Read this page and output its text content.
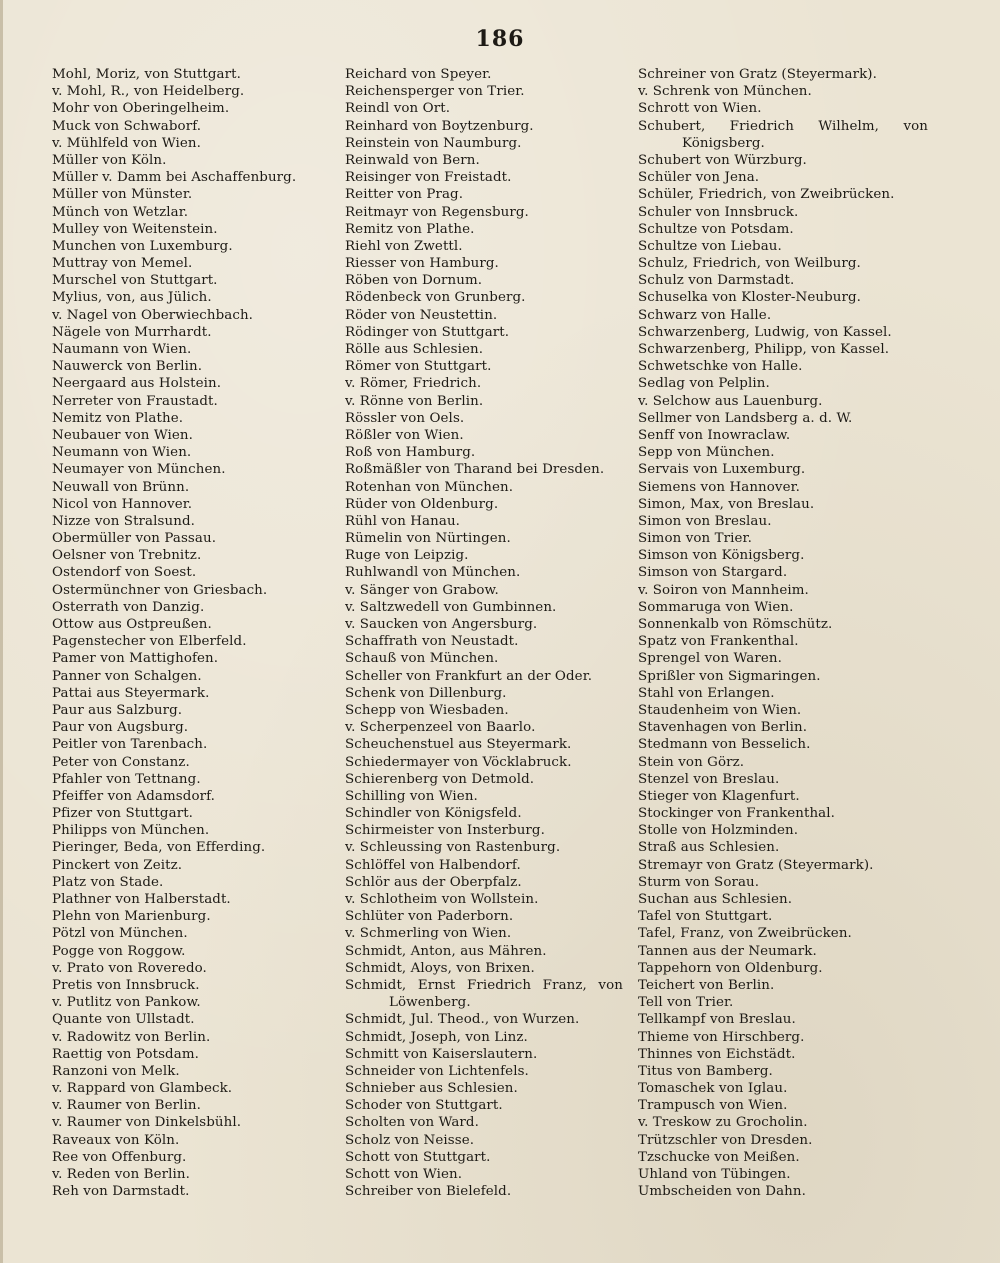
186
Mohl, Moriz, von Stuttgart.
v. Mohl, R., von Heidelberg.
Mohr von Oberingelheim.
Muck von Schwaborf.
v. Mühlfeld von Wien.
Müller von Köln.
Müller v. Damm bei Aschaffenburg.
Müller von Münster.
Münch von Wetzlar.
Mulley von Weitenstein.
Munchen von Luxemburg.
Muttray von Memel.
Murschel von Stuttgart.
Mylius, von, aus Jülich.
v. Nagel von Oberwiechbach.
Nägele von Murrhardt.
Naumann von Wien.
Nauwerck von Berlin.
Neergaard aus Holstein.
Nerreter von Fraustadt.
Nemitz von Plathe.
Neubauer von Wien.
Neumann von Wien.
Neumayer von München.
Neuwall von Brünn.
Nicol von Hannover.
Nizze von Stralsund.
Obermüller von Passau.
Oelsner von Trebnitz.
Ostendorf von Soest.
Ostermünchner von Griesbach.
Osterrath von Danzig.
Ottow aus Ostpreußen.
Pagenstecher von Elberfeld.
Pamer von Mattighofen.
Panner von Schalgen.
Pattai aus Steyermark.
Paur aus Salzburg.
Paur von Augsburg.
Peitler von Tarenbach.
Peter von Constanz.
Pfahler von Tettnang.
Pfeiffer von Adamsdorf.
Pfizer von Stuttgart.
Philipps von München.
Pieringer, Beda, von Efferding.
Pinckert von Zeitz.
Platz von Stade.
Plathner von Halberstadt.
Plehn von Marienburg.
Pötzl von München.
Pogge von Roggow.
v. Prato von Roveredo.
Pretis von Innsbruck.
v. Putlitz von Pankow.
Quante von Ullstadt.
v. Radowitz von Berlin.
Raettig von Potsdam.
Ranzoni von Melk.
v. Rappard von Glambeck.
v. Raumer von Berlin.
v. Raumer von Dinkelsbühl.
Raveaux von Köln.
Ree von Offenburg.
v. Reden von Berlin.
Reh von Darmstadt.
Reichard von Speyer.
Reichensperger von Trier.
Reindl von Ort.
Reinhard von Boytzenburg.
Reinstein von Naumburg.
Reinwald von Bern.
Reisinger von Freistadt.
Reitter von Prag.
Reitmayr von Regensburg.
Remitz von Plathe.
Riehl von Zwettl.
Riesser von Hamburg.
Röben von Dornum.
Rödenbeck von Grunberg.
Röder von Neustettin.
Rödinger von Stuttgart.
Rölle aus Schlesien.
Römer von Stuttgart.
v. Römer, Friedrich.
v. Rönne von Berlin.
Rössler von Oels.
Rößler von Wien.
Roß von Hamburg.
Roßmäßler von Tharand bei Dresden.
Rotenhan von München.
Rüder von Oldenburg.
Rühl von Hanau.
Rümelin von Nürtingen.
Ruge von Leipzig.
Ruhlwandl von München.
v. Sänger von Grabow.
v. Saltzwedell von Gumbinnen.
v. Saucken von Angersburg.
Schaffrath von Neustadt.
Schauß von München.
Scheller von Frankfurt an der Oder.
Schenk von Dillenburg.
Schepp von Wiesbaden.
v. Scherpenzeel von Baarlo.
Scheuchenstuel aus Steyermark.
Schiedermayer von Vöcklabruck.
Schierenberg von Detmold.
Schilling von Wien.
Schindler von Königsfeld.
Schirmeister von Insterburg.
v. Schleussing von Rastenburg.
Schlöffel von Halbendorf.
Schlör aus der Oberpfalz.
v. Schlotheim von Wollstein.
Schlüter von Paderborn.
v. Schmerling von Wien.
Schmidt, Anton, aus Mähren.
Schmidt, Aloys, von Brixen.
Schmidt, Ernst Friedrich Franz, von
Löwenberg.
Schmidt, Jul. Theod., von Wurzen.
Schmidt, Joseph, von Linz.
Schmitt von Kaiserslautern.
Schneider von Lichtenfels.
Schnieber aus Schlesien.
Schoder von Stuttgart.
Scholten von Ward.
Scholz von Neisse.
Schott von Stuttgart.
Schott von Wien.
Schreiber von Bielefeld.
Schreiner von Gratz (Steyermark).
v. Schrenk von München.
Schrott von Wien.
Schubert, Friedrich Wilhelm, von
Königsberg.
Schubert von Würzburg.
Schüler von Jena.
Schüler, Friedrich, von Zweibrücken.
Schuler von Innsbruck.
Schultze von Potsdam.
Schultze von Liebau.
Schulz, Friedrich, von Weilburg.
Schulz von Darmstadt.
Schuselka von Kloster-Neuburg.
Schwarz von Halle.
Schwarzenberg, Ludwig, von Kassel.
Schwarzenberg, Philipp, von Kassel.
Schwetschke von Halle.
Sedlag von Pelplin.
v. Selchow aus Lauenburg.
Sellmer von Landsberg a. d. W.
Senff von Inowraclaw.
Sepp von München.
Servais von Luxemburg.
Siemens von Hannover.
Simon, Max, von Breslau.
Simon von Breslau.
Simon von Trier.
Simson von Königsberg.
Simson von Stargard.
v. Soiron von Mannheim.
Sommaruga von Wien.
Sonnenkalb von Römschütz.
Spatz von Frankenthal.
Sprengel von Waren.
Sprißler von Sigmaringen.
Stahl von Erlangen.
Staudenheim von Wien.
Stavenhagen von Berlin.
Stedmann von Besselich.
Stein von Görz.
Stenzel von Breslau.
Stieger von Klagenfurt.
Stockinger von Frankenthal.
Stolle von Holzminden.
Straß aus Schlesien.
Stremayr von Gratz (Steyermark).
Sturm von Sorau.
Suchan aus Schlesien.
Tafel von Stuttgart.
Tafel, Franz, von Zweibrücken.
Tannen aus der Neumark.
Tappehorn von Oldenburg.
Teichert von Berlin.
Tell von Trier.
Tellkampf von Breslau.
Thieme von Hirschberg.
Thinnes von Eichstädt.
Titus von Bamberg.
Tomaschek von Iglau.
Trampusch von Wien.
v. Treskow zu Grocholin.
Trützschler von Dresden.
Tzschucke von Meißen.
Uhland von Tübingen.
Umbscheiden von Dahn.
